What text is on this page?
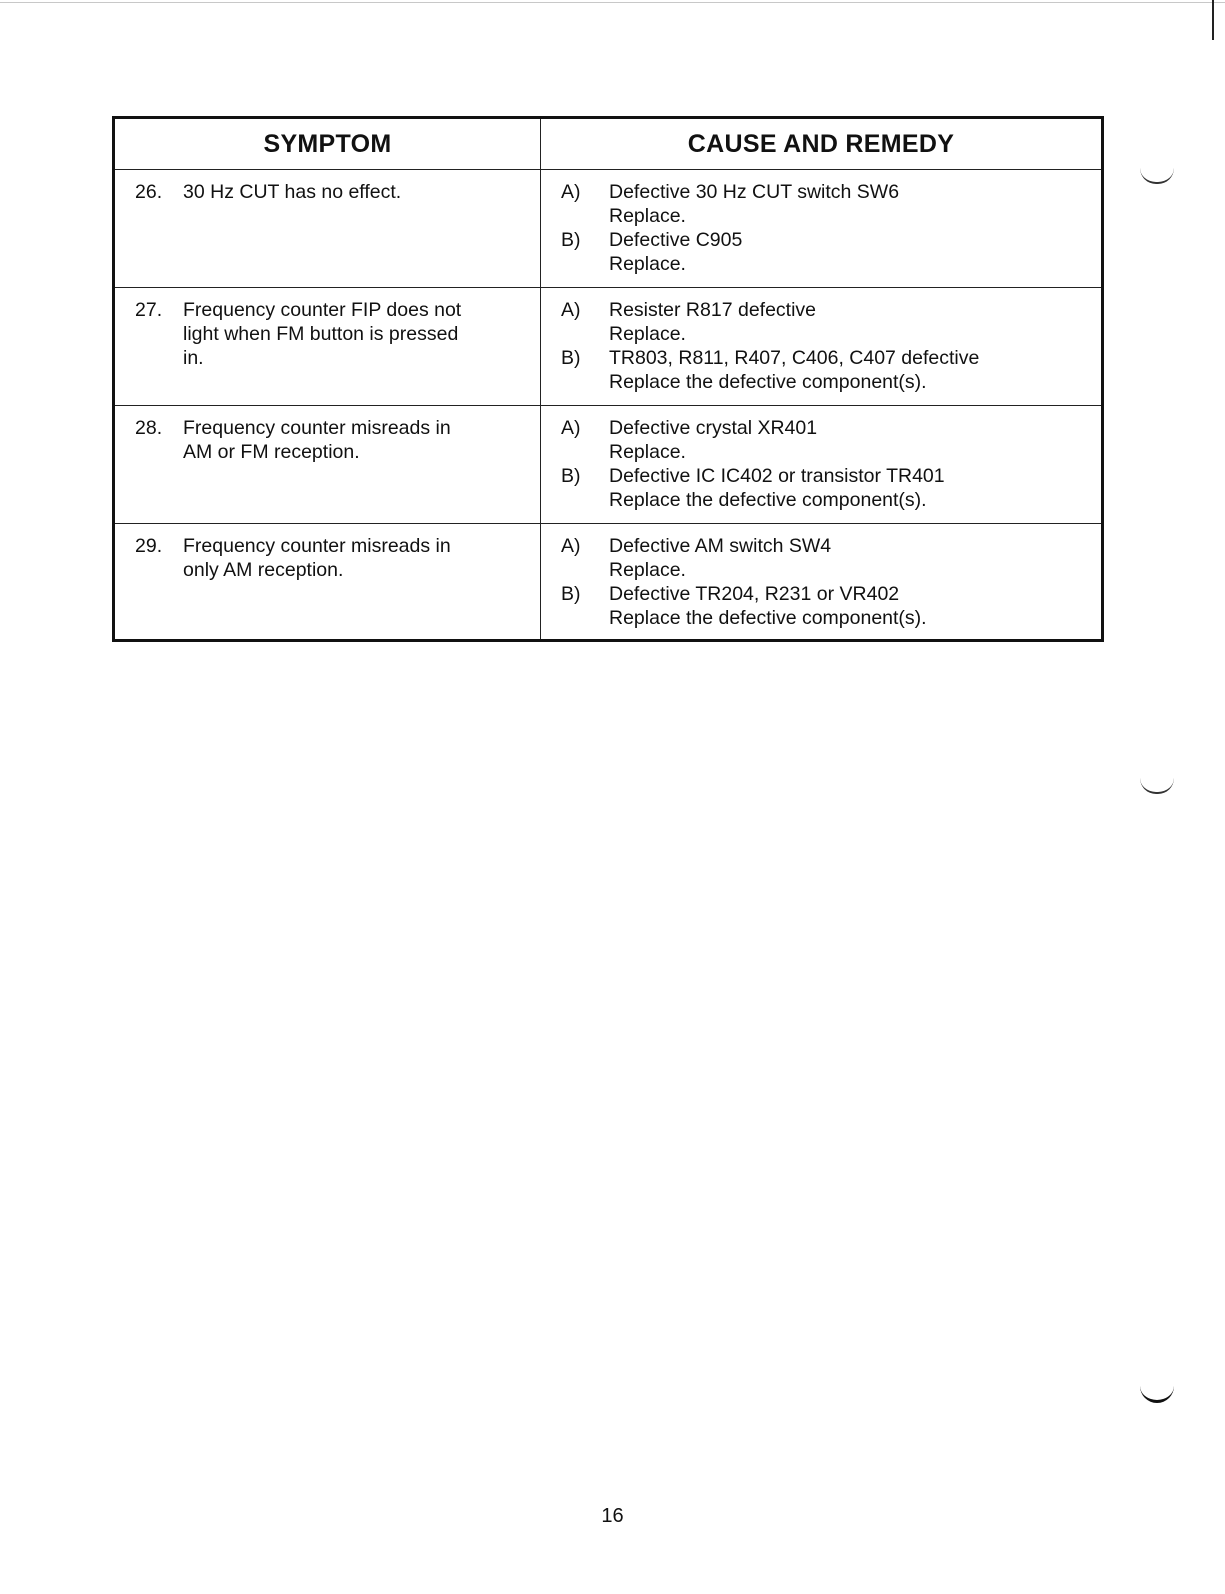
SYMPTOM	CAUSE AND REMEDY
26. 30 Hz CUT has no effect.	A) Defective 30 Hz CUT switch SW6
Replace.
B) Defective C905
Replace.
27. Frequency counter FIP does not
light when FM button is pressed
in.
A) Resister R817 defective
Replace.
B) TR803, R811, R407, C406, C407 defective
Replace the defective component(s).
28. Frequency counter misreads in
AM or FM reception.
A) Defective crystal XR401
Replace.
B) Defective IC IC402 or transistor TR401
Replace the defective component(s).
29. Frequency counter misreads in
only AM reception.
A) Defective AM switch SW4
Replace.
B) Defective TR204, R231 or VR402
Replace the defective component(s).
16
